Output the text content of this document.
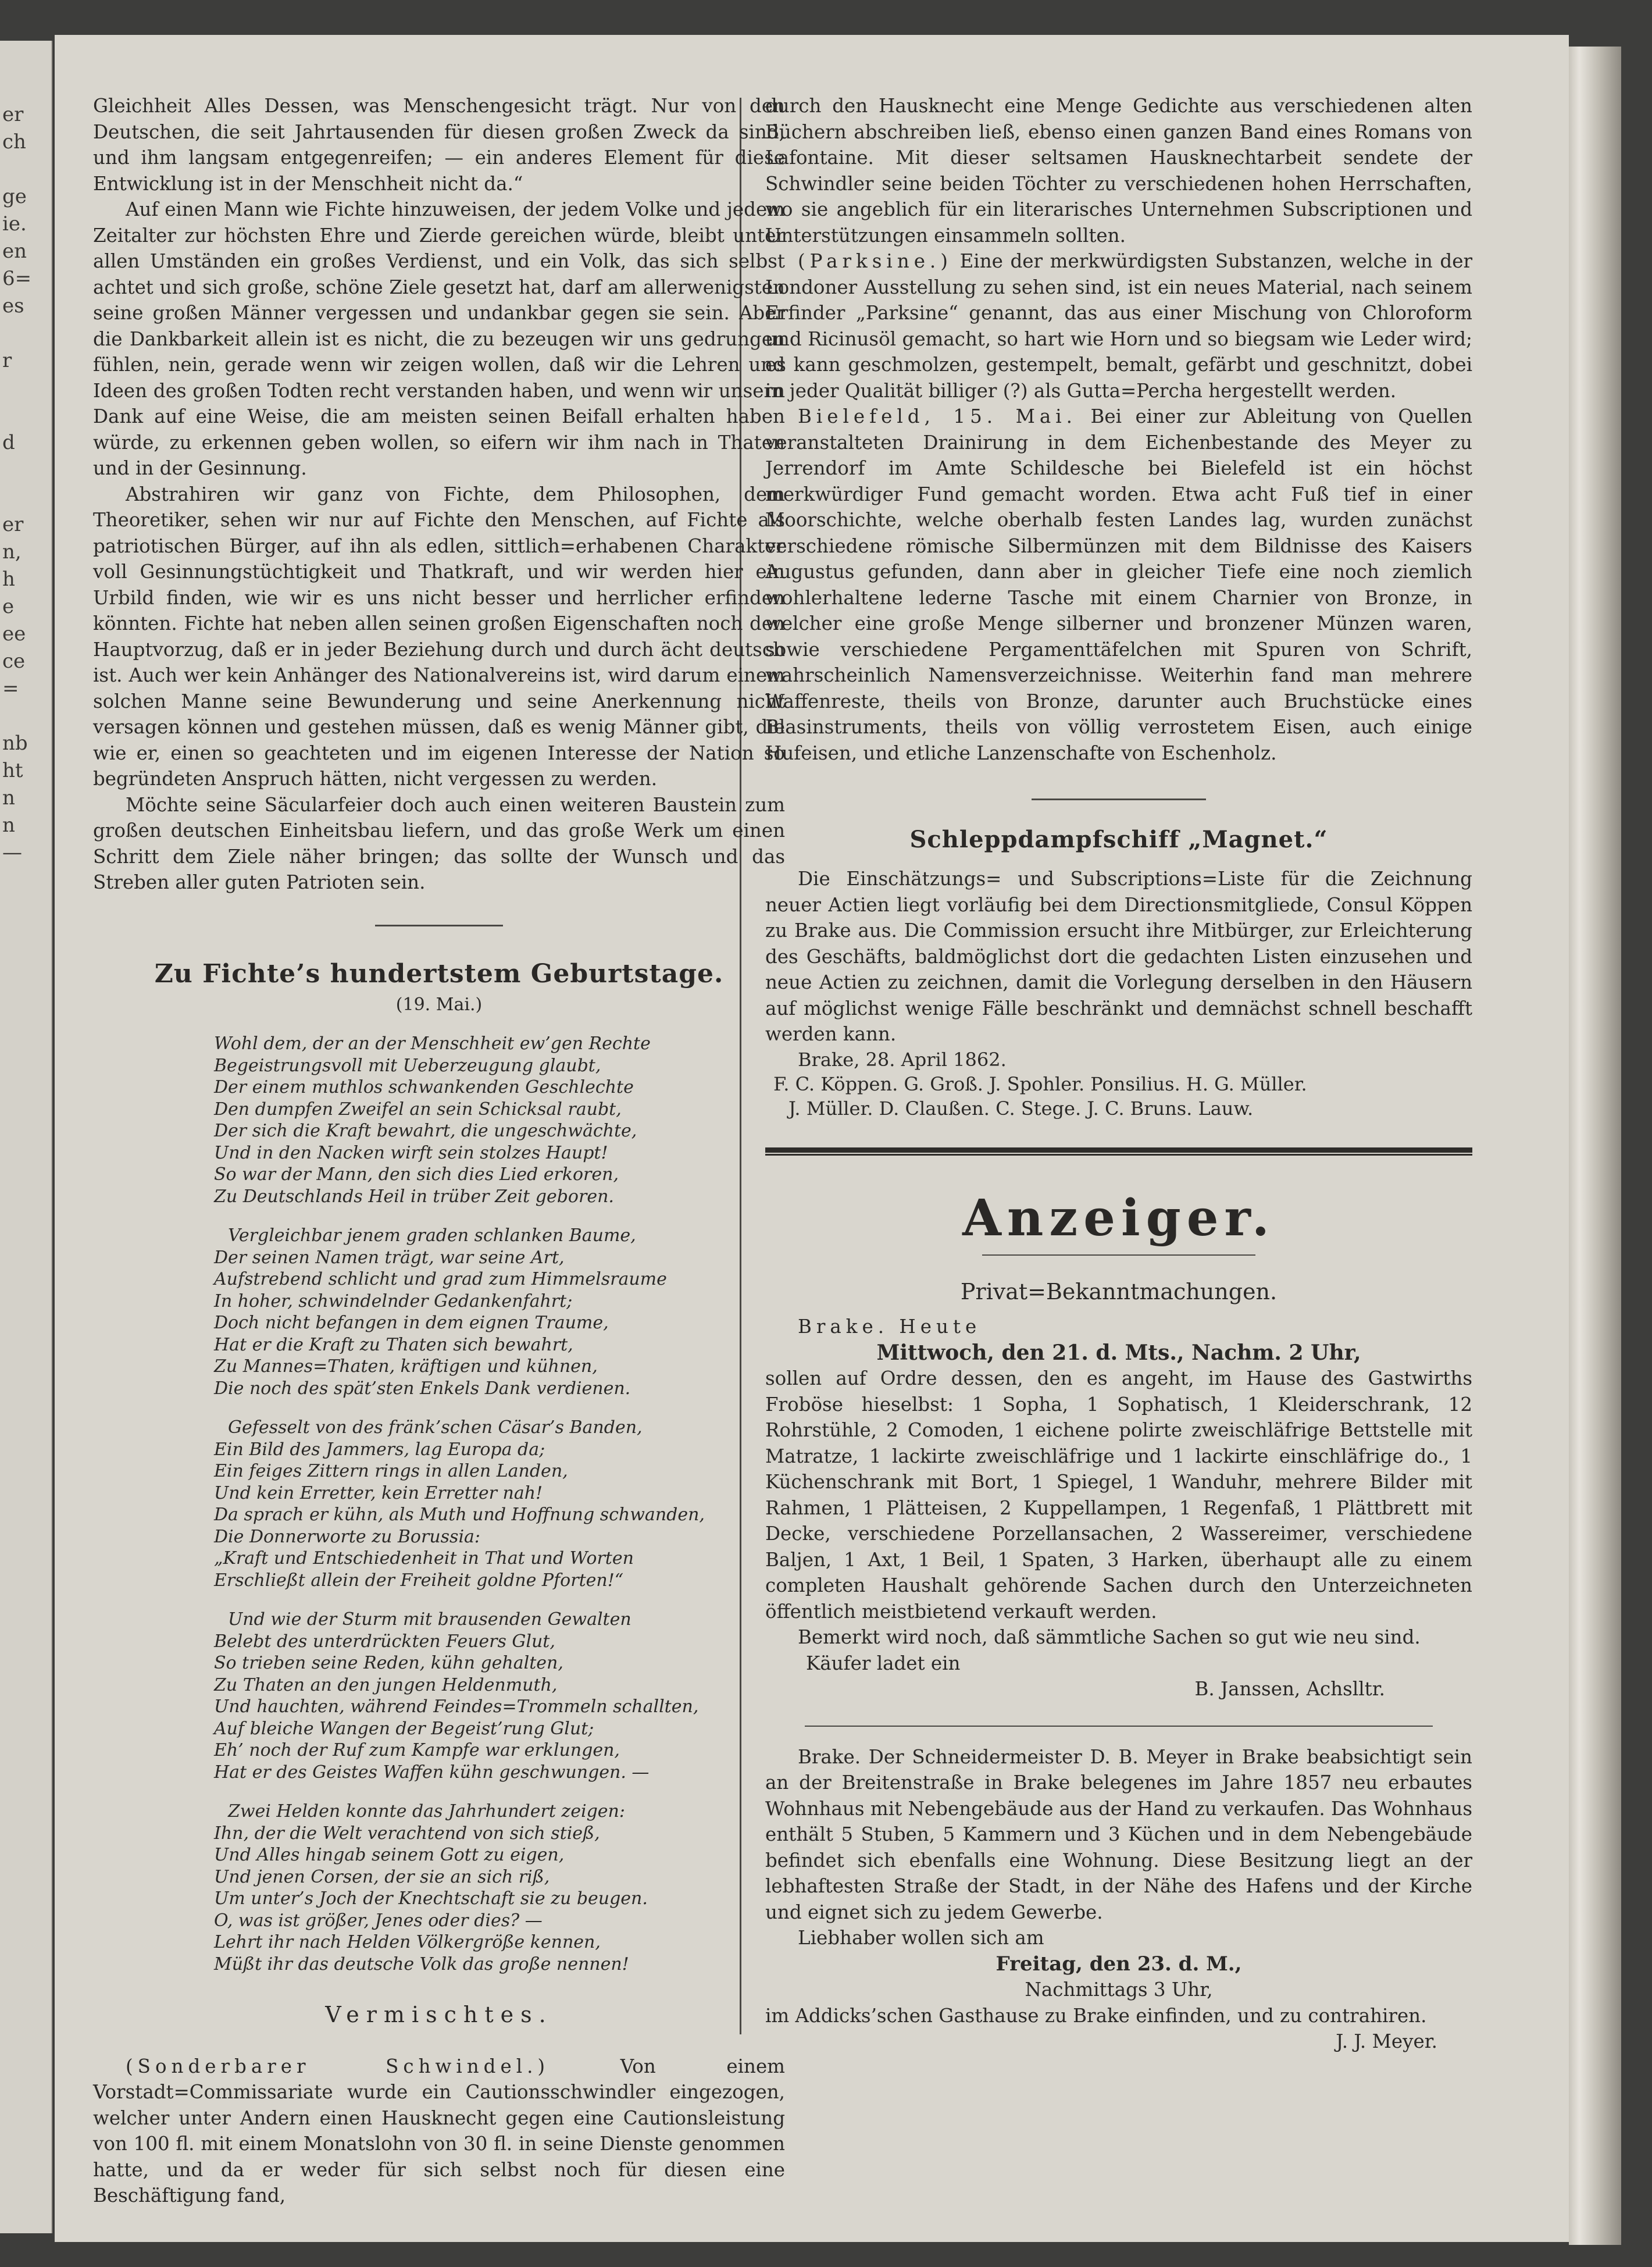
er
ch
ge
ie.
en
6=
es
r
d
er
n,
h
e
ee
ce
=
nb
ht
n
n
—

Gleichheit Alles Dessen, was Menschengesicht trägt. Nur von den Deutschen, die seit Jahrtausenden für diesen großen Zweck da sind, und ihm langsam entgegenreifen; — ein anderes Element für diese Entwicklung ist in der Menschheit nicht da.“

Auf einen Mann wie Fichte hinzuweisen, der jedem Volke und jedem Zeitalter zur höchsten Ehre und Zierde gereichen würde, bleibt unter allen Umständen ein großes Verdienst, und ein Volk, das sich selbst achtet und sich große, schöne Ziele gesetzt hat, darf am allerwenigsten seine großen Männer vergessen und undankbar gegen sie sein. Aber die Dankbarkeit allein ist es nicht, die zu bezeugen wir uns gedrungen fühlen, nein, gerade wenn wir zeigen wollen, daß wir die Lehren und Ideen des großen Todten recht verstanden haben, und wenn wir unsern Dank auf eine Weise, die am meisten seinen Beifall erhalten haben würde, zu erkennen geben wollen, so eifern wir ihm nach in Thaten und in der Gesinnung.

Abstrahiren wir ganz von Fichte, dem Philosophen, dem Theoretiker, sehen wir nur auf Fichte den Menschen, auf Fichte als patriotischen Bürger, auf ihn als edlen, sittlich=erhabenen Charakter voll Gesinnungstüchtigkeit und Thatkraft, und wir werden hier ein Urbild finden, wie wir es uns nicht besser und herrlicher erfinden könnten. Fichte hat neben allen seinen großen Eigenschaften noch den Hauptvorzug, daß er in jeder Beziehung durch und durch ächt deutsch ist. Auch wer kein Anhänger des Nationalvereins ist, wird darum einem solchen Manne seine Bewunderung und seine Anerkennung nicht versagen können und gestehen müssen, daß es wenig Männer gibt, die wie er, einen so geachteten und im eigenen Interesse der Nation so begründeten Anspruch hätten, nicht vergessen zu werden.

Möchte seine Säcularfeier doch auch einen weiteren Baustein zum großen deutschen Einheitsbau liefern, und das große Werk um einen Schritt dem Ziele näher bringen; das sollte der Wunsch und das Streben aller guten Patrioten sein.

Zu Fichte’s hundertstem Geburtstage.

(19. Mai.)

Wohl dem, der an der Menschheit ew’gen Rechte
Begeistrungsvoll mit Ueberzeugung glaubt,
Der einem muthlos schwankenden Geschlechte
Den dumpfen Zweifel an sein Schicksal raubt,
Der sich die Kraft bewahrt, die ungeschwächte,
Und in den Nacken wirft sein stolzes Haupt!
So war der Mann, den sich dies Lied erkoren,
Zu Deutschlands Heil in trüber Zeit geboren.
Vergleichbar jenem graden schlanken Baume,
Der seinen Namen trägt, war seine Art,
Aufstrebend schlicht und grad zum Himmelsraume
In hoher, schwindelnder Gedankenfahrt;
Doch nicht befangen in dem eignen Traume,
Hat er die Kraft zu Thaten sich bewahrt,
Zu Mannes=Thaten, kräftigen und kühnen,
Die noch des spät’sten Enkels Dank verdienen.
Gefesselt von des fränk’schen Cäsar’s Banden,
Ein Bild des Jammers, lag Europa da;
Ein feiges Zittern rings in allen Landen,
Und kein Erretter, kein Erretter nah!
Da sprach er kühn, als Muth und Hoffnung schwanden,
Die Donnerworte zu Borussia:
„Kraft und Entschiedenheit in That und Worten
Erschließt allein der Freiheit goldne Pforten!“
Und wie der Sturm mit brausenden Gewalten
Belebt des unterdrückten Feuers Glut,
So trieben seine Reden, kühn gehalten,
Zu Thaten an den jungen Heldenmuth,
Und hauchten, während Feindes=Trommeln schallten,
Auf bleiche Wangen der Begeist’rung Glut;
Eh’ noch der Ruf zum Kampfe war erklungen,
Hat er des Geistes Waffen kühn geschwungen. —
Zwei Helden konnte das Jahrhundert zeigen:
Ihn, der die Welt verachtend von sich stieß,
Und Alles hingab seinem Gott zu eigen,
Und jenen Corsen, der sie an sich riß,
Um unter’s Joch der Knechtschaft sie zu beugen.
O, was ist größer, Jenes oder dies? —
Lehrt ihr nach Helden Völkergröße kennen,
Müßt ihr das deutsche Volk das große nennen!

Vermischtes.

(Sonderbarer Schwindel.)	Von einem Vorstadt=Commissariate wurde ein Cautionsschwindler eingezogen, welcher unter Andern einen Hausknecht gegen eine Cautionsleistung von 100 fl. mit einem Monatslohn von 30 fl. in seine Dienste genommen hatte, und da er weder für sich selbst noch für diesen eine Beschäftigung fand,

durch den Hausknecht eine Menge Gedichte aus verschiedenen alten Büchern abschreiben ließ, ebenso einen ganzen Band eines Romans von Lafontaine. Mit dieser seltsamen Hausknechtarbeit sendete der Schwindler seine beiden Töchter zu verschiedenen hohen Herrschaften, wo sie angeblich für ein literarisches Unternehmen Subscriptionen und Unterstützungen einsammeln sollten.

(Parksine.) Eine der merkwürdigsten Substanzen, welche in der Londoner Ausstellung zu sehen sind, ist ein neues Material, nach seinem Erfinder „Parksine“ genannt, das aus einer Mischung von Chloroform und Ricinusöl gemacht, so hart wie Horn und so biegsam wie Leder wird; es kann geschmolzen, gestempelt, bemalt, gefärbt und geschnitzt, dobei in jeder Qualität billiger (?) als Gutta=Percha hergestellt werden.

Bielefeld, 15. Mai. Bei einer zur Ableitung von Quellen veranstalteten Drainirung in dem Eichenbestande des Meyer zu Jerrendorf im Amte Schildesche bei Bielefeld ist ein höchst merkwürdiger Fund gemacht worden. Etwa acht Fuß tief in einer Moorschichte, welche oberhalb festen Landes lag, wurden zunächst verschiedene römische Silbermünzen mit dem Bildnisse des Kaisers Augustus gefunden, dann aber in gleicher Tiefe eine noch ziemlich wohlerhaltene lederne Tasche mit einem Charnier von Bronze, in welcher eine große Menge silberner und bronzener Münzen waren, sowie verschiedene Pergamenttäfelchen mit Spuren von Schrift, wahrscheinlich Namensverzeichnisse. Weiterhin fand man mehrere Waffenreste, theils von Bronze, darunter auch Bruchstücke eines Blasinstruments, theils von völlig verrostetem Eisen, auch einige Hufeisen, und etliche Lanzenschafte von Eschenholz.

Schleppdampfschiff „Magnet.“

Die Einschätzungs= und Subscriptions=Liste für die Zeichnung neuer Actien liegt vorläufig bei dem Directionsmitgliede, Consul Köppen zu Brake aus. Die Commission ersucht ihre Mitbürger, zur Erleichterung des Geschäfts, baldmöglichst dort die gedachten Listen einzusehen und neue Actien zu zeichnen, damit die Vorlegung derselben in den Häusern auf möglichst wenige Fälle beschränkt und demnächst schnell beschafft werden kann.

Brake, 28. April 1862.

F. C. Köppen. G. Groß. J. Spohler. Ponsilius. H. G. Müller.

J. Müller. D. Claußen. C. Stege. J. C. Bruns. Lauw.

Anzeiger.

Privat=Bekanntmachungen.

Brake. Heute

Mittwoch, den 21. d. Mts., Nachm. 2 Uhr,

sollen auf Ordre dessen, den es angeht, im Hause des Gastwirths Froböse hieselbst: 1 Sopha, 1 Sophatisch, 1 Kleiderschrank, 12 Rohrstühle, 2 Comoden, 1 eichene polirte zweischläfrige Bettstelle mit Matratze, 1 lackirte zweischläfrige und 1 lackirte einschläfrige do., 1 Küchenschrank mit Bort, 1 Spiegel, 1 Wanduhr, mehrere Bilder mit Rahmen, 1 Plätteisen, 2 Kuppellampen, 1 Regenfaß, 1 Plättbrett mit Decke, verschiedene Porzellansachen, 2 Wassereimer, verschiedene Baljen, 1 Axt, 1 Beil, 1 Spaten, 3 Harken, überhaupt alle zu einem completen Haushalt gehörende Sachen durch den Unterzeichneten öffentlich meistbietend verkauft werden.

Bemerkt wird noch, daß sämmtliche Sachen so gut wie neu sind.

Käufer ladet ein

B. Janssen, Achslltr.

Brake. Der Schneidermeister D. B. Meyer in Brake beabsichtigt sein an der Breitenstraße in Brake belegenes im Jahre 1857 neu erbautes Wohnhaus mit Nebengebäude aus der Hand zu verkaufen. Das Wohnhaus enthält 5 Stuben, 5 Kammern und 3 Küchen und in dem Nebengebäude befindet sich ebenfalls eine Wohnung. Diese Besitzung liegt an der lebhaftesten Straße der Stadt, in der Nähe des Hafens und der Kirche und eignet sich zu jedem Gewerbe.

Liebhaber wollen sich am

Freitag, den 23. d. M.,

Nachmittags 3 Uhr,

im Addicks’schen Gasthause zu Brake einfinden, und zu contrahiren.

J. J. Meyer.
